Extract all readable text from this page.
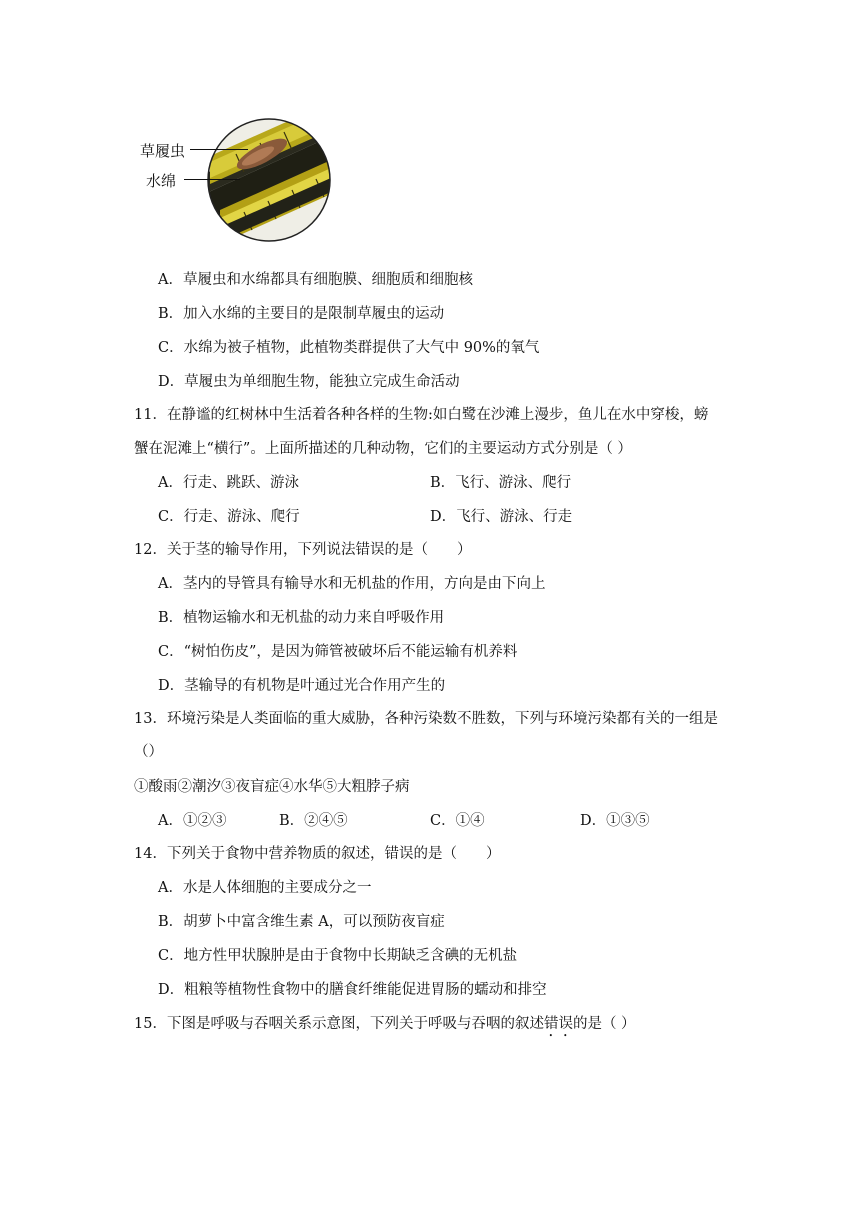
草履虫
水绵
A．草履虫和水绵都具有细胞膜、细胞质和细胞核
B．加入水绵的主要目的是限制草履虫的运动
C．水绵为被子植物，此植物类群提供了大气中 90%的氧气
D．草履虫为单细胞生物，能独立完成生命活动
11．在静谧的红树林中生活着各种各样的生物:如白鹭在沙滩上漫步，鱼儿在水中穿梭，螃
蟹在泥滩上“横行”。上面所描述的几种动物，它们的主要运动方式分别是（ ）
A．行走、跳跃、游泳	B．飞行、游泳、爬行
C．行走、游泳、爬行	D．飞行、游泳、行走
12．关于茎的输导作用，下列说法错误的是（　　）
A．茎内的导管具有输导水和无机盐的作用，方向是由下向上
B．植物运输水和无机盐的动力来自呼吸作用
C．“树怕伤皮”，是因为筛管被破坏后不能运输有机养料
D．茎输导的有机物是叶通过光合作用产生的
13．环境污染是人类面临的重大威胁，各种污染数不胜数，下列与环境污染都有关的一组是
（）
①酸雨②潮汐③夜盲症④水华⑤大粗脖子病
A．①②③	B．②④⑤	C．①④	D．①③⑤
14．下列关于食物中营养物质的叙述，错误的是（　　）
A．水是人体细胞的主要成分之一
B．胡萝卜中富含维生素 A，可以预防夜盲症
C．地方性甲状腺肿是由于食物中长期缺乏含碘的无机盐
D．粗粮等植物性食物中的膳食纤维能促进胃肠的蠕动和排空
15．下图是呼吸与吞咽关系示意图，下列关于呼吸与吞咽的叙述错误的是（ ）
